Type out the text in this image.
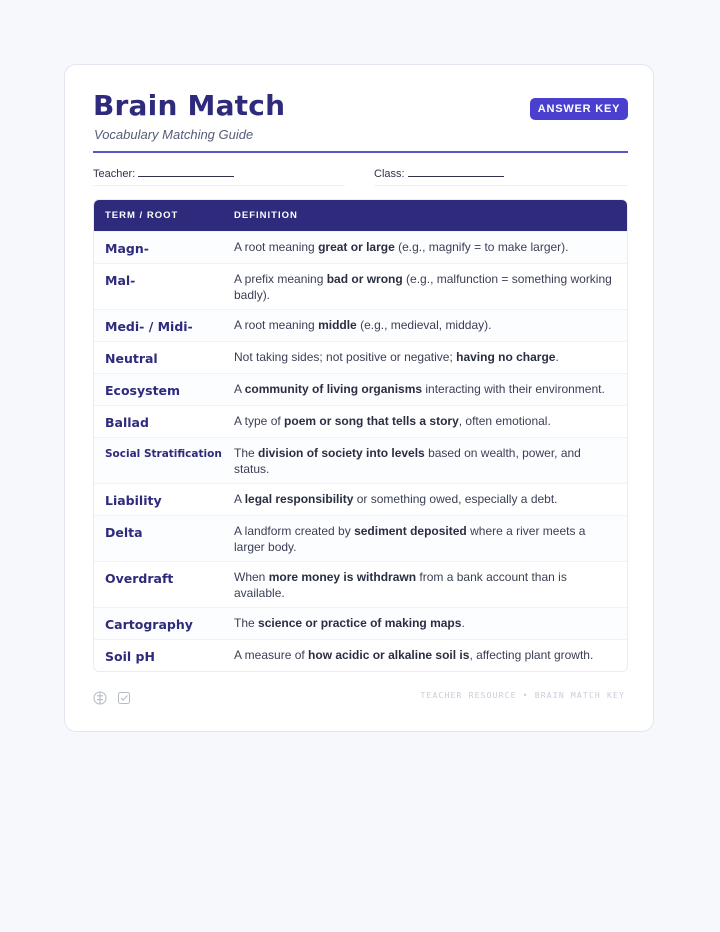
Brain Match
Vocabulary Matching Guide
ANSWER KEY
Teacher:	Class:
TERM / ROOT	DEFINITION
Magn-	A root meaning great or large (e.g., magnify = to make larger).
Mal-	A prefix meaning bad or wrong (e.g., malfunction = something working badly).
Medi- / Midi-	A root meaning middle (e.g., medieval, midday).
Neutral	Not taking sides; not positive or negative; having no charge.
Ecosystem	A community of living organisms interacting with their environment.
Ballad	A type of poem or song that tells a story, often emotional.
Social Stratification	The division of society into levels based on wealth, power, and status.
Liability	A legal responsibility or something owed, especially a debt.
Delta	A landform created by sediment deposited where a river meets a larger body.
Overdraft	When more money is withdrawn from a bank account than is available.
Cartography	The science or practice of making maps.
Soil pH	A measure of how acidic or alkaline soil is, affecting plant growth.
TEACHER RESOURCE • BRAIN MATCH KEY
